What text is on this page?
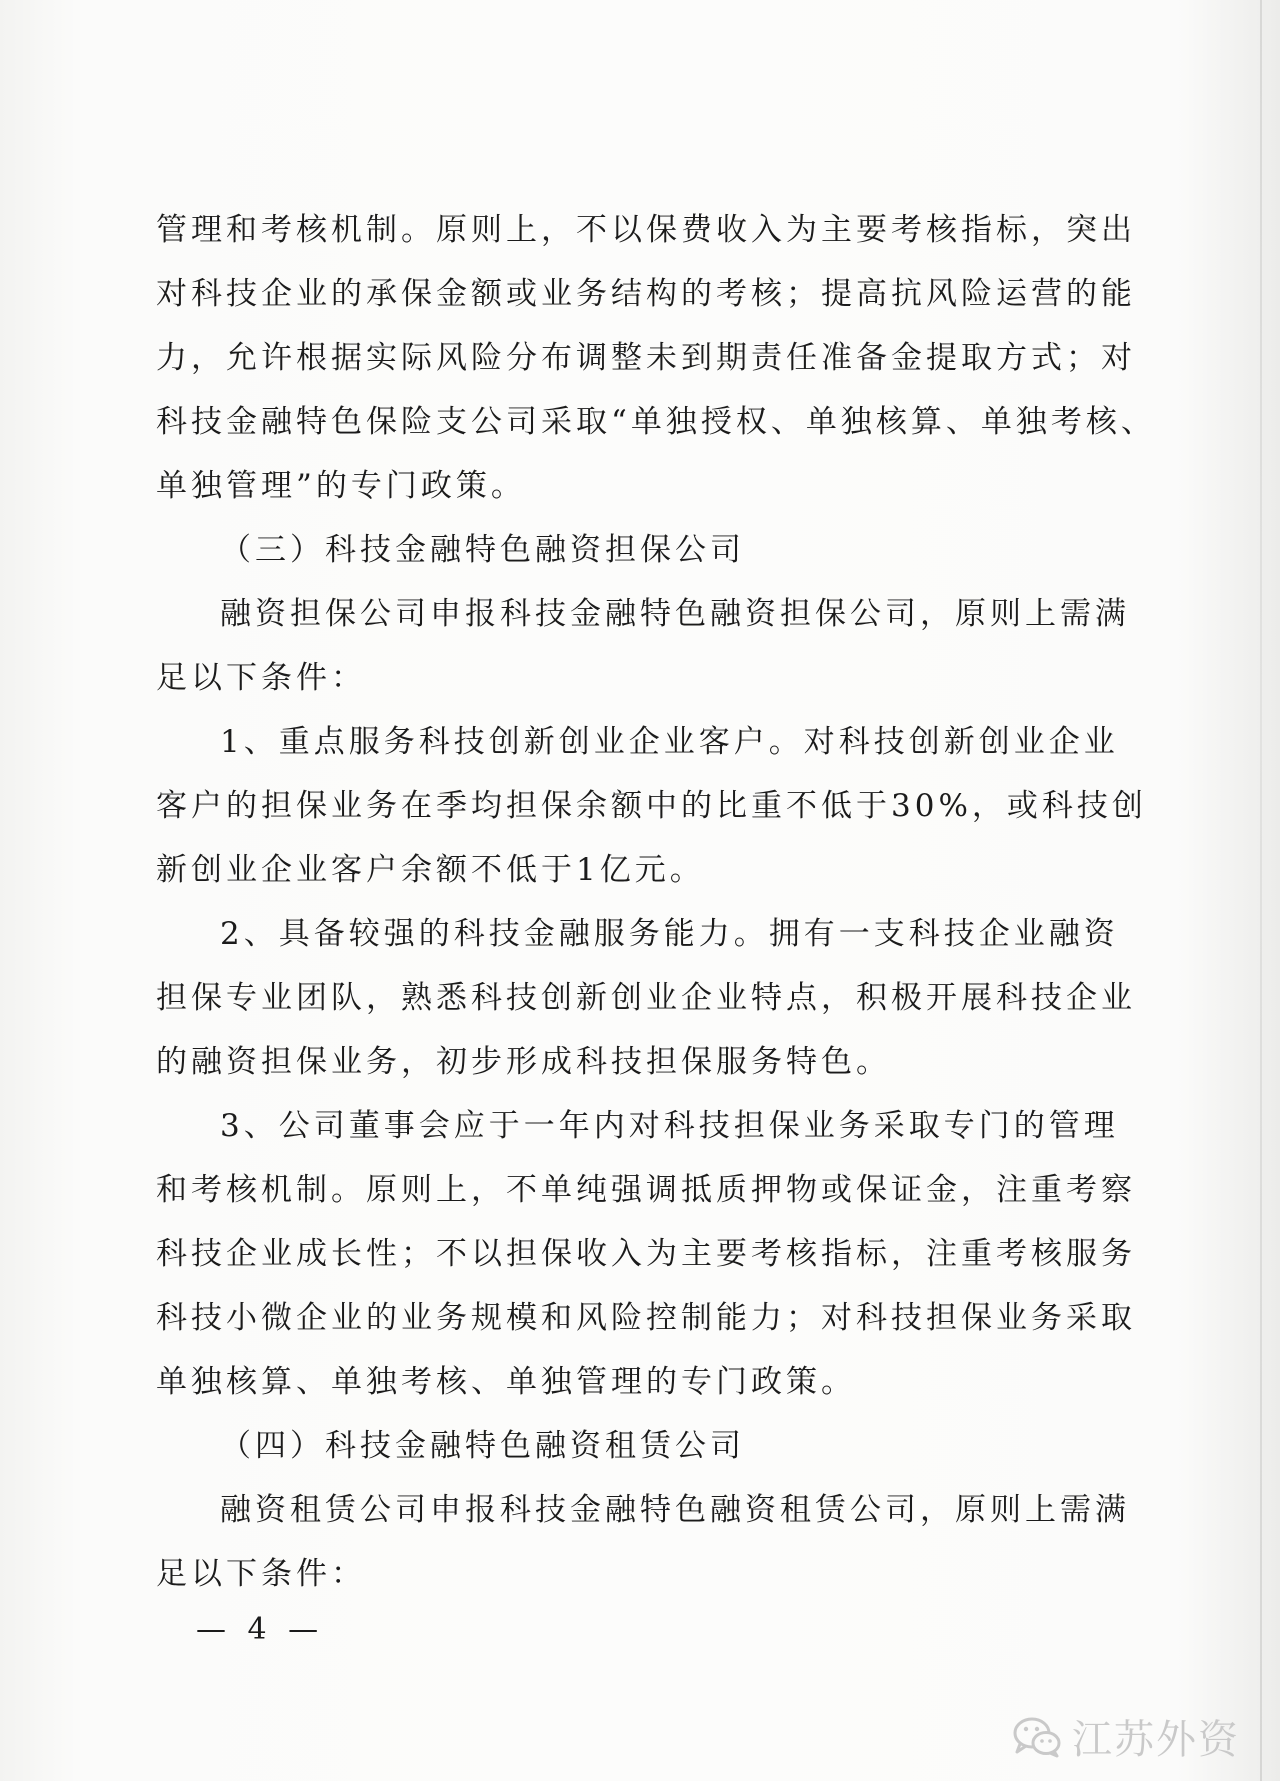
管理和考核机制。原则上，不以保费收入为主要考核指标，突出
对科技企业的承保金额或业务结构的考核；提高抗风险运营的能
力，允许根据实际风险分布调整未到期责任准备金提取方式；对
科技金融特色保险支公司采取“单独授权、单独核算、单独考核、
单独管理”的专门政策。
（三）科技金融特色融资担保公司
融资担保公司申报科技金融特色融资担保公司，原则上需满
足以下条件：
1、重点服务科技创新创业企业客户。对科技创新创业企业
客户的担保业务在季均担保余额中的比重不低于30%，或科技创
新创业企业客户余额不低于1亿元。
2、具备较强的科技金融服务能力。拥有一支科技企业融资
担保专业团队，熟悉科技创新创业企业特点，积极开展科技企业
的融资担保业务，初步形成科技担保服务特色。
3、公司董事会应于一年内对科技担保业务采取专门的管理
和考核机制。原则上，不单纯强调抵质押物或保证金，注重考察
科技企业成长性；不以担保收入为主要考核指标，注重考核服务
科技小微企业的业务规模和风险控制能力；对科技担保业务采取
单独核算、单独考核、单独管理的专门政策。
（四）科技金融特色融资租赁公司
融资租赁公司申报科技金融特色融资租赁公司，原则上需满
足以下条件：
— 4 —
江苏外资
